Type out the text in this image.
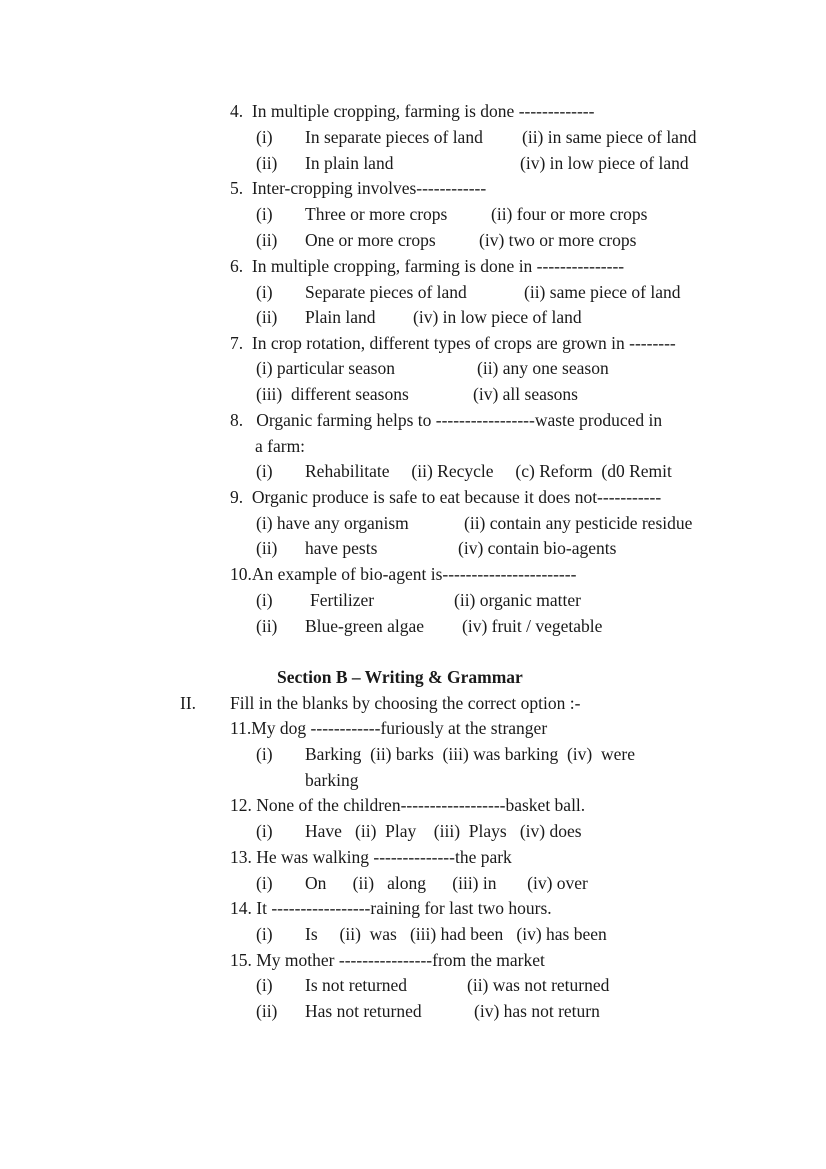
4.  In multiple cropping, farming is done -------------
(i) In separate pieces of land (ii) in same piece of land
(ii) In plain land	(iv) in low piece of land
5.  Inter-cropping involves------------
(i) Three or more crops (ii) four or more crops
(ii) One or more crops (iv) two or more crops
6.  In multiple cropping, farming is done in ---------------
(i) Separate pieces of land	(ii) same piece of land
(ii) Plain land (iv) in low piece of land
7.  In crop rotation, different types of crops are grown in --------
(i) particular season	(ii) any one season
(iii)  different seasons	(iv) all seasons
8.   Organic farming helps to -----------------waste produced in
a farm:
(i) Rehabilitate     (ii) Recycle     (c) Reform  (d0 Remit
9.  Organic produce is safe to eat because it does not-----------
(i) have any organism	(ii) contain any pesticide residue
(ii) have pests	(iv) contain bio-agents
10.An example of bio-agent is-----------------------
(i) Fertilizer	(ii) organic matter
(ii) Blue-green algae (iv) fruit / vegetable
Section B – Writing & Grammar
II. Fill in the blanks by choosing the correct option :-
11.My dog ------------furiously at the stranger
(i) Barking  (ii) barks  (iii) was barking  (iv)  were
barking
12. None of the children------------------basket ball.
(i) Have   (ii)  Play    (iii)  Plays   (iv) does
13. He was walking --------------the park
(i) On      (ii)   along      (iii) in       (iv) over
14. It -----------------raining for last two hours.
(i) Is     (ii)  was   (iii) had been   (iv) has been
15. My mother ----------------from the market
(i) Is not returned	(ii) was not returned
(ii) Has not returned	(iv) has not return
